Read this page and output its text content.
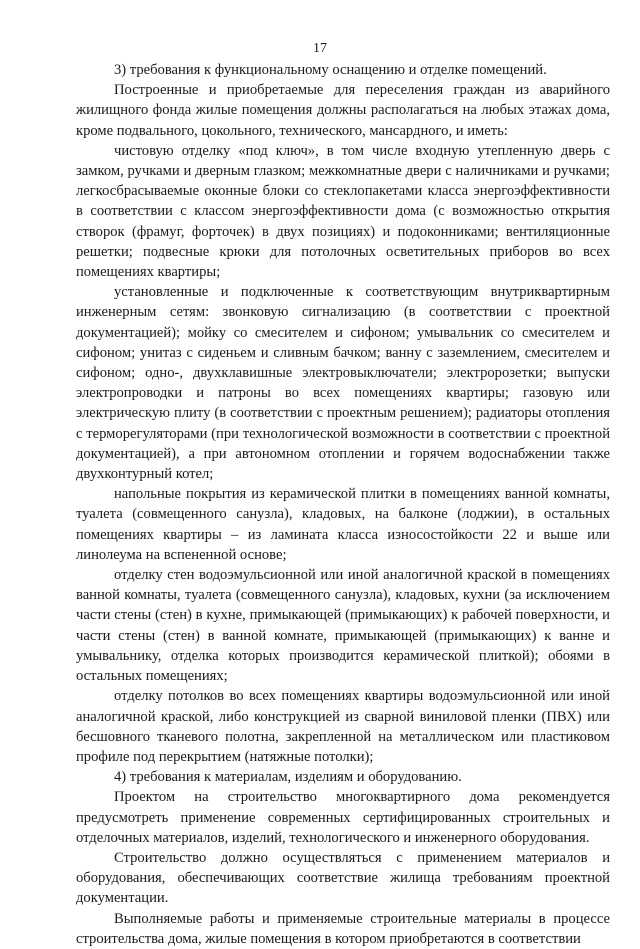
17

3) требования к функциональному оснащению и отделке помещений.

Построенные и приобретаемые для переселения граждан из аварийного жилищного фонда жилые помещения должны располагаться на любых этажах дома, кроме подвального, цокольного, технического, мансардного, и иметь:

чистовую отделку «под ключ», в том числе входную утепленную дверь с замком, ручками и дверным глазком; межкомнатные двери с наличниками и ручками; легкосбрасываемые оконные блоки со стеклопакетами класса энергоэффективности в соответствии с классом энергоэффективности дома (с возможностью открытия створок (фрамуг, форточек) в двух позициях) и подоконниками; вентиляционные решетки; подвесные крюки для потолочных осветительных приборов во всех помещениях квартиры;

установленные и подключенные к соответствующим внутриквартирным инженерным сетям: звонковую сигнализацию (в соответствии с проектной документацией); мойку со смесителем и сифоном; умывальник со смесителем и сифоном; унитаз с сиденьем и сливным бачком; ванну с заземлением, смесителем и сифоном; одно-, двухклавишные электровыключатели; электророзетки; выпуски электропроводки и патроны во всех помещениях квартиры; газовую или электрическую плиту (в соответствии с проектным решением); радиаторы отопления с терморегуляторами (при технологической возможности в соответствии с проектной документацией), а при автономном отоплении и горячем водоснабжении также двухконтурный котел;

напольные покрытия из керамической плитки в помещениях ванной комнаты, туалета (совмещенного санузла), кладовых, на балконе (лоджии), в остальных помещениях квартиры – из ламината класса износостойкости 22 и выше или линолеума на вспененной основе;

отделку стен водоэмульсионной или иной аналогичной краской в помещениях ванной комнаты, туалета (совмещенного санузла), кладовых, кухни (за исключением части стены (стен) в кухне, примыкающей (примыкающих) к рабочей поверхности, и части стены (стен) в ванной комнате, примыкающей (примыкающих) к ванне и умывальнику, отделка которых производится керамической плиткой); обоями в остальных помещениях;

отделку потолков во всех помещениях квартиры водоэмульсионной или иной аналогичной краской, либо конструкцией из сварной виниловой пленки (ПВХ) или бесшовного тканевого полотна, закрепленной на металлическом или пластиковом профиле под перекрытием (натяжные потолки);

4) требования к материалам, изделиям и оборудованию.

Проектом на строительство многоквартирного дома рекомендуется предусмотреть применение современных сертифицированных строительных и отделочных материалов, изделий, технологического и инженерного оборудования.

Строительство должно осуществляться с применением материалов и оборудования, обеспечивающих соответствие жилища требованиям проектной документации.

Выполняемые работы и применяемые строительные материалы в процессе строительства дома, жилые помещения в котором приобретаются в соответствии
